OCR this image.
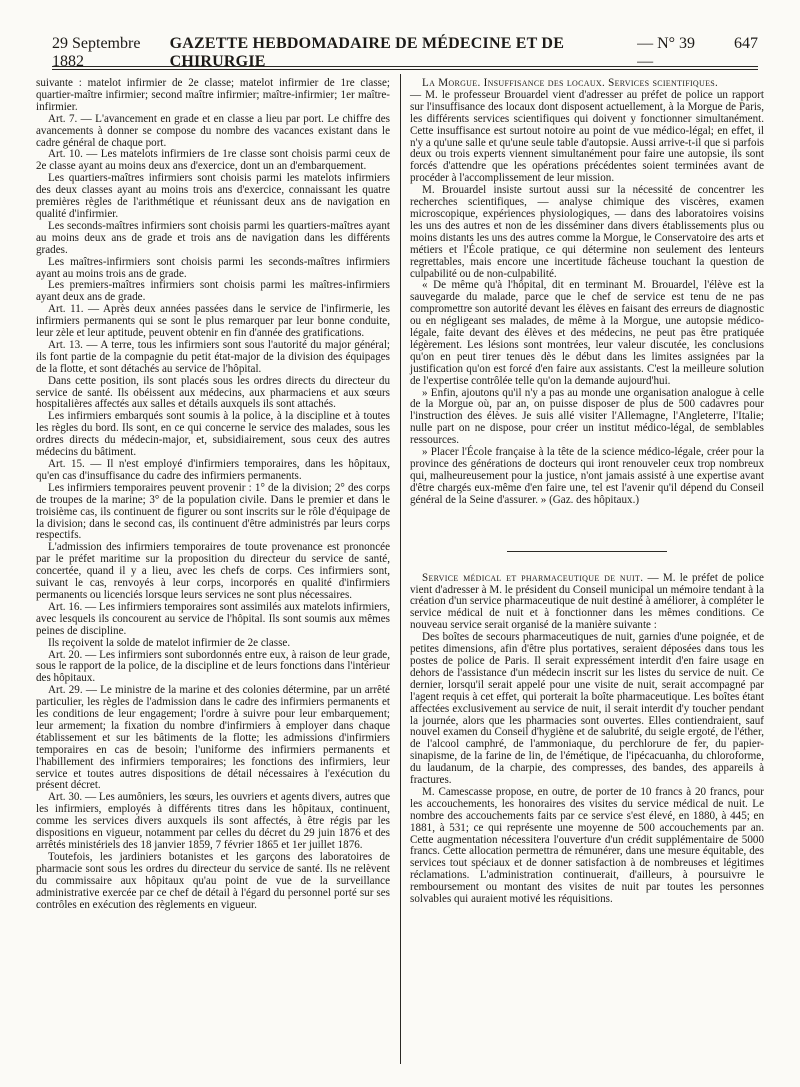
29 Septembre 1882
GAZETTE HEBDOMADAIRE DE MÉDECINE ET DE CHIRURGIE
— N° 39 —
647

suivante : matelot infirmier de 2e classe; matelot infirmier de 1re classe; quartier-maître infirmier; second maître infirmier; maître-infirmier; 1er maître-infirmier.

Art. 7. — L'avancement en grade et en classe a lieu par port. Le chiffre des avancements à donner se compose du nombre des vacances existant dans le cadre général de chaque port.

Art. 10. — Les matelots infirmiers de 1re classe sont choisis parmi ceux de 2e classe ayant au moins deux ans d'exercice, dont un an d'embarquement.

Les quartiers-maîtres infirmiers sont choisis parmi les matelots infirmiers des deux classes ayant au moins trois ans d'exercice, connaissant les quatre premières règles de l'arithmétique et réunissant deux ans de navigation en qualité d'infirmier.

Les seconds-maîtres infirmiers sont choisis parmi les quartiers-maîtres ayant au moins deux ans de grade et trois ans de navigation dans les différents grades.

Les maîtres-infirmiers sont choisis parmi les seconds-maîtres infirmiers ayant au moins trois ans de grade.

Les premiers-maîtres infirmiers sont choisis parmi les maîtres-infirmiers ayant deux ans de grade.

Art. 11. — Après deux années passées dans le service de l'infirmerie, les infirmiers permanents qui se sont le plus remarquer par leur bonne conduite, leur zèle et leur aptitude, peuvent obtenir en fin d'année des gratifications.

Art. 13. — A terre, tous les infirmiers sont sous l'autorité du major général; ils font partie de la compagnie du petit état-major de la division des équipages de la flotte, et sont détachés au service de l'hôpital.

Dans cette position, ils sont placés sous les ordres directs du directeur du service de santé. Ils obéissent aux médecins, aux pharmaciens et aux sœurs hospitalières affectés aux salles et détails auxquels ils sont attachés.

Les infirmiers embarqués sont soumis à la police, à la discipline et à toutes les règles du bord. Ils sont, en ce qui concerne le service des malades, sous les ordres directs du médecin-major, et, subsidiairement, sous ceux des autres médecins du bâtiment.

Art. 15. — Il n'est employé d'infirmiers temporaires, dans les hôpitaux, qu'en cas d'insuffisance du cadre des infirmiers permanents.

Les infirmiers temporaires peuvent provenir : 1° de la division; 2° des corps de troupes de la marine; 3° de la population civile. Dans le premier et dans le troisième cas, ils continuent de figurer ou sont inscrits sur le rôle d'équipage de la division; dans le second cas, ils continuent d'être administrés par leurs corps respectifs.

L'admission des infirmiers temporaires de toute provenance est prononcée par le préfet maritime sur la proposition du directeur du service de santé, concertée, quand il y a lieu, avec les chefs de corps. Ces infirmiers sont, suivant le cas, renvoyés à leur corps, incorporés en qualité d'infirmiers permanents ou licenciés lorsque leurs services ne sont plus nécessaires.

Art. 16. — Les infirmiers temporaires sont assimilés aux matelots infirmiers, avec lesquels ils concourent au service de l'hôpital. Ils sont soumis aux mêmes peines de discipline.

Ils reçoivent la solde de matelot infirmier de 2e classe.

Art. 20. — Les infirmiers sont subordonnés entre eux, à raison de leur grade, sous le rapport de la police, de la discipline et de leurs fonctions dans l'intérieur des hôpitaux.

Art. 29. — Le ministre de la marine et des colonies détermine, par un arrêté particulier, les règles de l'admission dans le cadre des infirmiers permanents et les conditions de leur engagement; l'ordre à suivre pour leur embarquement; leur armement; la fixation du nombre d'infirmiers à employer dans chaque établissement et sur les bâtiments de la flotte; les admissions d'infirmiers temporaires en cas de besoin; l'uniforme des infirmiers permanents et l'habillement des infirmiers temporaires; les fonctions des infirmiers, leur service et toutes autres dispositions de détail nécessaires à l'exécution du présent décret.

Art. 30. — Les aumôniers, les sœurs, les ouvriers et agents divers, autres que les infirmiers, employés à différents titres dans les hôpitaux, continuent, comme les services divers auxquels ils sont affectés, à être régis par les dispositions en vigueur, notamment par celles du décret du 29 juin 1876 et des arrêtés ministériels des 18 janvier 1859, 7 février 1865 et 1er juillet 1876.

Toutefois, les jardiniers botanistes et les garçons des laboratoires de pharmacie sont sous les ordres du directeur du service de santé. Ils ne relèvent du commissaire aux hôpitaux qu'au point de vue de la surveillance administrative exercée par ce chef de détail à l'égard du personnel porté sur ses contrôles en exécution des règlements en vigueur.

La Morgue. Insuffisance des locaux. Services scientifiques.

— M. le professeur Brouardel vient d'adresser au préfet de police un rapport sur l'insuffisance des locaux dont disposent actuellement, à la Morgue de Paris, les différents services scientifiques qui doivent y fonctionner simultanément. Cette insuffisance est surtout notoire au point de vue médico-légal; en effet, il n'y a qu'une salle et qu'une seule table d'autopsie. Aussi arrive-t-il que si parfois deux ou trois experts viennent simultanément pour faire une autopsie, ils sont forcés d'attendre que les opérations précédentes soient terminées avant de procéder à l'accomplissement de leur mission.

M. Brouardel insiste surtout aussi sur la nécessité de concentrer les recherches scientifiques, — analyse chimique des viscères, examen microscopique, expériences physiologiques, — dans des laboratoires voisins les uns des autres et non de les disséminer dans divers établissements plus ou moins distants les uns des autres comme la Morgue, le Conservatoire des arts et métiers et l'École pratique, ce qui détermine non seulement des lenteurs regrettables, mais encore une incertitude fâcheuse touchant la question de culpabilité ou de non-culpabilité.

« De même qu'à l'hôpital, dit en terminant M. Brouardel, l'élève est la sauvegarde du malade, parce que le chef de service est tenu de ne pas compromettre son autorité devant les élèves en faisant des erreurs de diagnostic ou en négligeant ses malades, de même à la Morgue, une autopsie médico-légale, faite devant des élèves et des médecins, ne peut pas être pratiquée légèrement. Les lésions sont montrées, leur valeur discutée, les conclusions qu'on en peut tirer tenues dès le début dans les limites assignées par la justification qu'on est forcé d'en faire aux assistants. C'est la meilleure solution de l'expertise contrôlée telle qu'on la demande aujourd'hui.

» Enfin, ajoutons qu'il n'y a pas au monde une organisation analogue à celle de la Morgue où, par an, on puisse disposer de plus de 500 cadavres pour l'instruction des élèves. Je suis allé visiter l'Allemagne, l'Angleterre, l'Italie; nulle part on ne dispose, pour créer un institut médico-légal, de semblables ressources.

» Placer l'École française à la tête de la science médico-légale, créer pour la province des générations de docteurs qui iront renouveler ceux trop nombreux qui, malheureusement pour la justice, n'ont jamais assisté à une expertise avant d'être chargés eux-même d'en faire une, tel est l'avenir qu'il dépend du Conseil général de la Seine d'assurer. » (Gaz. des hôpitaux.)

Service médical et pharmaceutique de nuit. — M. le préfet de police vient d'adresser à M. le président du Conseil municipal un mémoire tendant à la création d'un service pharmaceutique de nuit destiné à améliorer, à compléter le service médical de nuit et à fonctionner dans les mêmes conditions. Ce nouveau service serait organisé de la manière suivante :

Des boîtes de secours pharmaceutiques de nuit, garnies d'une poignée, et de petites dimensions, afin d'être plus portatives, seraient déposées dans tous les postes de police de Paris. Il serait expressément interdit d'en faire usage en dehors de l'assistance d'un médecin inscrit sur les listes du service de nuit. Ce dernier, lorsqu'il serait appelé pour une visite de nuit, serait accompagné par l'agent requis à cet effet, qui porterait la boîte pharmaceutique. Les boîtes étant affectées exclusivement au service de nuit, il serait interdit d'y toucher pendant la journée, alors que les pharmacies sont ouvertes. Elles contiendraient, sauf nouvel examen du Conseil d'hygiène et de salubrité, du seigle ergoté, de l'éther, de l'alcool camphré, de l'ammoniaque, du perchlorure de fer, du papier-sinapisme, de la farine de lin, de l'émétique, de l'ipécacuanha, du chloroforme, du laudanum, de la charpie, des compresses, des bandes, des appareils à fractures.

M. Camescasse propose, en outre, de porter de 10 francs à 20 francs, pour les accouchements, les honoraires des visites du service médical de nuit. Le nombre des accouchements faits par ce service s'est élevé, en 1880, à 445; en 1881, à 531; ce qui représente une moyenne de 500 accouchements par an. Cette augmentation nécessitera l'ouverture d'un crédit supplémentaire de 5000 francs. Cette allocation permettra de rémunérer, dans une mesure équitable, des services tout spéciaux et de donner satisfaction à de nombreuses et légitimes réclamations. L'administration continuerait, d'ailleurs, à poursuivre le remboursement ou montant des visites de nuit par toutes les personnes solvables qui auraient motivé les réquisitions.
